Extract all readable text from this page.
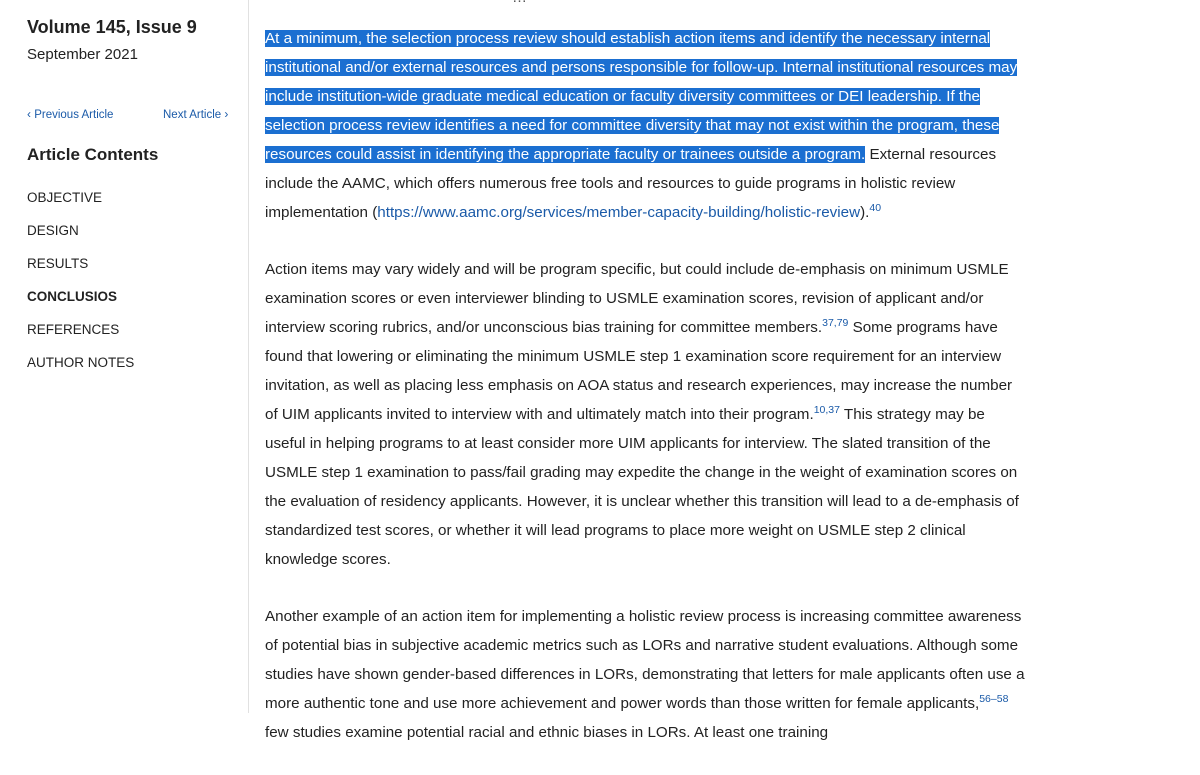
Volume 145, Issue 9
September 2021
‹ Previous Article	Next Article ›
Article Contents
OBJECTIVE
DESIGN
RESULTS
CONCLUSIOS
REFERENCES
AUTHOR NOTES

At a minimum, the selection process review should establish action items and identify the necessary internal institutional and/or external resources and persons responsible for follow-up. Internal institutional resources may include institution-wide graduate medical education or faculty diversity committees or DEI leadership. If the selection process review identifies a need for committee diversity that may not exist within the program, these resources could assist in identifying the appropriate faculty or trainees outside a program. External resources include the AAMC, which offers numerous free tools and resources to guide programs in holistic review implementation (https://www.aamc.org/services/member-capacity-building/holistic-review).$^{40}$

Action items may vary widely and will be program specific, but could include de-emphasis on minimum USMLE examination scores or even interviewer blinding to USMLE examination scores, revision of applicant and/or interview scoring rubrics, and/or unconscious bias training for committee members.$^{37,79}$ Some programs have found that lowering or eliminating the minimum USMLE step 1 examination score requirement for an interview invitation, as well as placing less emphasis on AOA status and research experiences, may increase the number of UIM applicants invited to interview with and ultimately match into their program.$^{10,37}$ This strategy may be useful in helping programs to at least consider more UIM applicants for interview. The slated transition of the USMLE step 1 examination to pass/fail grading may expedite the change in the weight of examination scores on the evaluation of residency applicants. However, it is unclear whether this transition will lead to a de-emphasis of standardized test scores, or whether it will lead programs to place more weight on USMLE step 2 clinical knowledge scores.

Another example of an action item for implementing a holistic review process is increasing committee awareness of potential bias in subjective academic metrics such as LORs and narrative student evaluations. Although some studies have shown gender-based differences in LORs, demonstrating that letters for male applicants often use a more authentic tone and use more achievement and power words than those written for female applicants,$^{56-58}$ few studies examine potential racial and ethnic biases in LORs. At least one training
